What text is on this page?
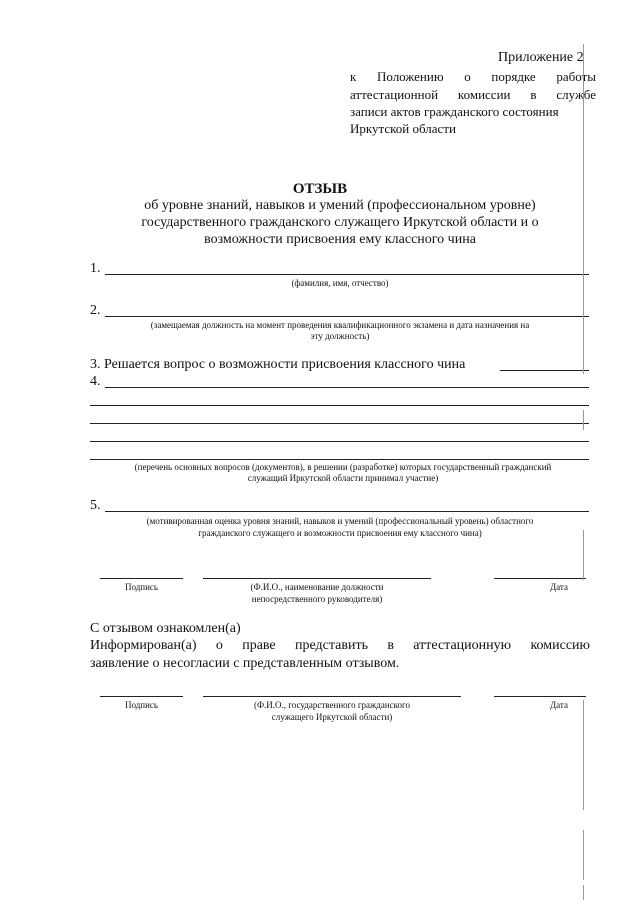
Приложение 2
к Положению о порядке работы
аттестационной комиссии в службе
записи актов гражданского состояния
Иркутской области
ОТЗЫВ
об уровне знаний, навыков и умений (профессиональном уровне)
государственного гражданского служащего Иркутской области и о
возможности присвоения ему классного чина
1.
(фамилия, имя, отчество)
2.
(замещаемая должность на момент проведения квалификационного экзамена и дата назначения на
эту должность)
3. Решается вопрос о возможности присвоения классного чина
4.
(перечень основных вопросов (документов), в решении (разработке) которых государственный гражданский
служащий Иркутской области принимал участие)
5.
(мотивированная оценка уровня знаний, навыков и умений (профессиональный уровень) областного
гражданского служащего и возможности присвоения ему классного чина)
Подпись	(Ф.И.О., наименование должности
непосредственного руководителя)
Дата
С отзывом ознакомлен(а)
Информирован(а) о праве представить в аттестационную комиссию
заявление о несогласии с представленным отзывом.
Подпись	(Ф.И.О., государственного гражданского
служащего Иркутской области)
Дата
